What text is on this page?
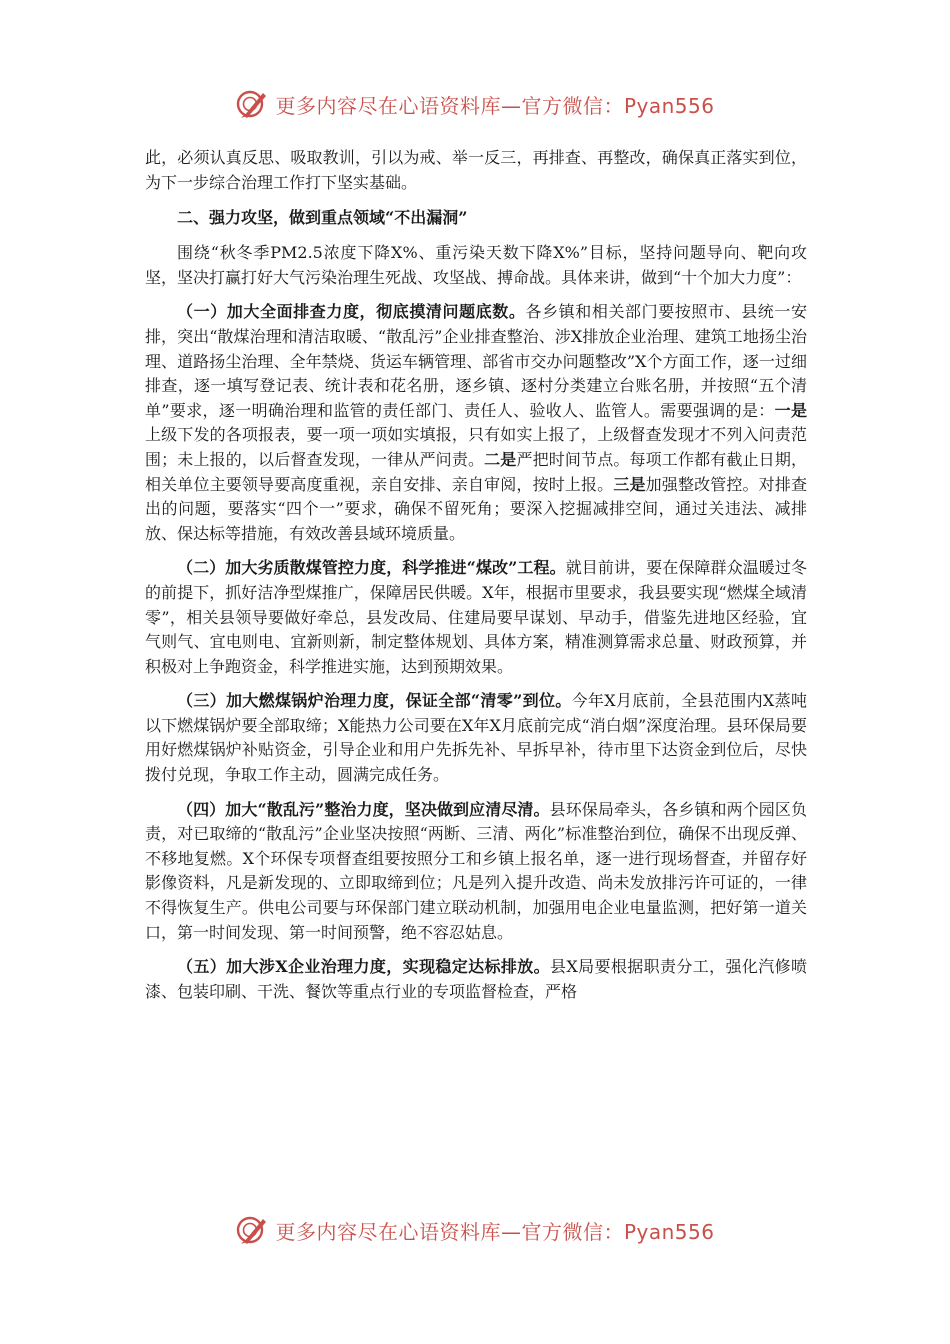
更多内容尽在心语资料库—官方微信：Pyan556

此，必须认真反思、吸取教训，引以为戒、举一反三，再排查、再整改，确保真正落实到位，为下一步综合治理工作打下坚实基础。

二、强力攻坚，做到重点领域“不出漏洞”

围绕“秋冬季PM2.5浓度下降X%、重污染天数下降X%”目标，坚持问题导向、靶向攻坚，坚决打赢打好大气污染治理生死战、攻坚战、搏命战。具体来讲，做到“十个加大力度”：

（一）加大全面排查力度，彻底摸清问题底数。各乡镇和相关部门要按照市、县统一安排，突出“散煤治理和清洁取暖、“散乱污”企业排查整治、涉X排放企业治理、建筑工地扬尘治理、道路扬尘治理、全年禁烧、货运车辆管理、部省市交办问题整改”X个方面工作，逐一过细排查，逐一填写登记表、统计表和花名册，逐乡镇、逐村分类建立台账名册，并按照“五个清单”要求，逐一明确治理和监管的责任部门、责任人、验收人、监管人。需要强调的是：一是上级下发的各项报表，要一项一项如实填报，只有如实上报了，上级督查发现才不列入问责范围；未上报的，以后督查发现，一律从严问责。二是严把时间节点。每项工作都有截止日期，相关单位主要领导要高度重视，亲自安排、亲自审阅，按时上报。三是加强整改管控。对排查出的问题，要落实“四个一”要求，确保不留死角；要深入挖掘减排空间，通过关违法、减排放、保达标等措施，有效改善县域环境质量。

（二）加大劣质散煤管控力度，科学推进“煤改”工程。就目前讲，要在保障群众温暖过冬的前提下，抓好洁净型煤推广，保障居民供暖。X年，根据市里要求，我县要实现“燃煤全域清零”，相关县领导要做好牵总，县发改局、住建局要早谋划、早动手，借鉴先进地区经验，宜气则气、宜电则电、宜新则新，制定整体规划、具体方案，精准测算需求总量、财政预算，并积极对上争跑资金，科学推进实施，达到预期效果。

（三）加大燃煤锅炉治理力度，保证全部“清零”到位。今年X月底前，全县范围内X蒸吨以下燃煤锅炉要全部取缔；X能热力公司要在X年X月底前完成“消白烟”深度治理。县环保局要用好燃煤锅炉补贴资金，引导企业和用户先拆先补、早拆早补，待市里下达资金到位后，尽快拨付兑现，争取工作主动，圆满完成任务。

（四）加大“散乱污”整治力度，坚决做到应清尽清。县环保局牵头，各乡镇和两个园区负责，对已取缔的“散乱污”企业坚决按照“两断、三清、两化”标准整治到位，确保不出现反弹、不移地复燃。X个环保专项督查组要按照分工和乡镇上报名单，逐一进行现场督查，并留存好影像资料，凡是新发现的、立即取缔到位；凡是列入提升改造、尚未发放排污许可证的，一律不得恢复生产。供电公司要与环保部门建立联动机制，加强用电企业电量监测，把好第一道关口，第一时间发现、第一时间预警，绝不容忍姑息。

（五）加大涉X企业治理力度，实现稳定达标排放。县X局要根据职责分工，强化汽修喷漆、包装印刷、干洗、餐饮等重点行业的专项监督检查，严格

更多内容尽在心语资料库—官方微信：Pyan556
